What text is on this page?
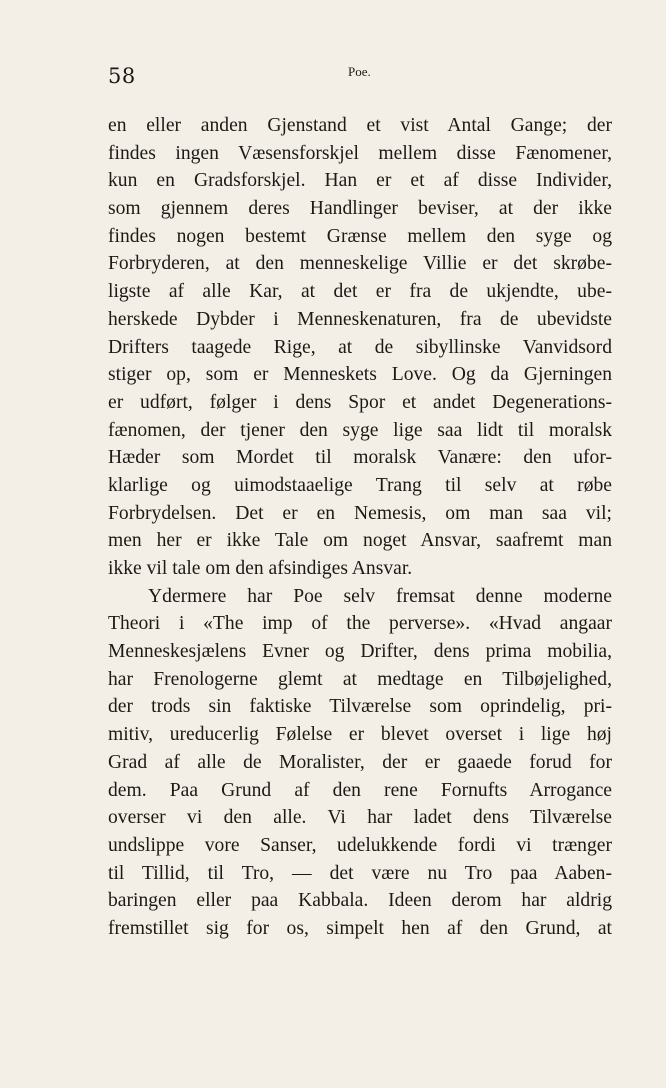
58	Poe.
en eller anden Gjenstand et vist Antal Gange; der
findes ingen Væsensforskjel mellem disse Fænomener,
kun en Gradsforskjel. Han er et af disse Individer,
som gjennem deres Handlinger beviser, at der ikke
findes nogen bestemt Grænse mellem den syge og
Forbryderen, at den menneskelige Villie er det skrøbe-
ligste af alle Kar, at det er fra de ukjendte, ube-
herskede Dybder i Menneskenaturen, fra de ubevidste
Drifters taagede Rige, at de sibyllinske Vanvidsord
stiger op, som er Menneskets Love. Og da Gjerningen
er udført, følger i dens Spor et andet Degenerations-
fænomen, der tjener den syge lige saa lidt til moralsk
Hæder som Mordet til moralsk Vanære: den ufor-
klarlige og uimodstaaelige Trang til selv at røbe
Forbrydelsen. Det er en Nemesis, om man saa vil;
men her er ikke Tale om noget Ansvar, saafremt man
ikke vil tale om den afsindiges Ansvar.
Ydermere har Poe selv fremsat denne moderne
Theori i «The imp of the perverse». «Hvad angaar
Menneskesjælens Evner og Drifter, dens prima mobilia,
har Frenologerne glemt at medtage en Tilbøjelighed,
der trods sin faktiske Tilværelse som oprindelig, pri-
mitiv, ureducerlig Følelse er blevet overset i lige høj
Grad af alle de Moralister, der er gaaede forud for
dem. Paa Grund af den rene Fornufts Arrogance
overser vi den alle. Vi har ladet dens Tilværelse
undslippe vore Sanser, udelukkende fordi vi trænger
til Tillid, til Tro, — det være nu Tro paa Aaben-
baringen eller paa Kabbala. Ideen derom har aldrig
fremstillet sig for os, simpelt hen af den Grund, at
